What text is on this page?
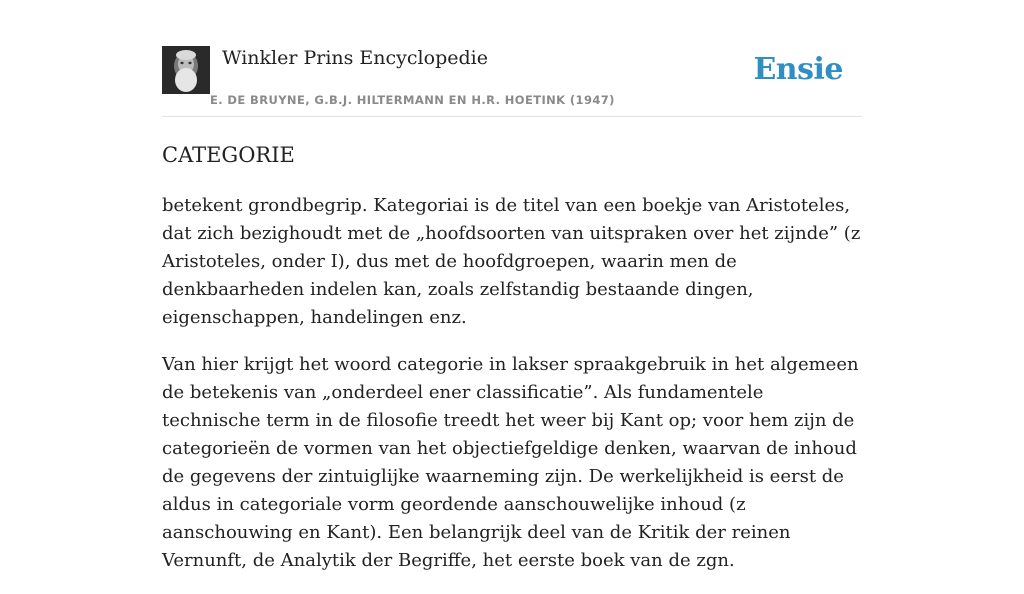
Winkler Prins Encyclopedie
E. DE BRUYNE, G.B.J. HILTERMANN EN H.R. HOETINK (1947)
Ensie
CATEGORIE

betekent grondbegrip. Kategoriai is de titel van een boekje van Aristoteles, dat zich bezighoudt met de „hoofdsoorten van uitspraken over het zijnde” (z Aristoteles, onder I), dus met de hoofdgroepen, waarin men de denkbaarheden indelen kan, zoals zelfstandig bestaande dingen, eigenschappen, handelingen enz.

Van hier krijgt het woord categorie in lakser spraakgebruik in het algemeen de betekenis van „onderdeel ener classificatie”. Als fundamentele technische term in de filosofie treedt het weer bij Kant op; voor hem zijn de categorieën de vormen van het objectiefgeldige denken, waarvan de inhoud de gegevens der zintuiglijke waarneming zijn. De werkelijkheid is eerst de aldus in categoriale vorm geordende aanschouwelijke inhoud (z aanschouwing en Kant). Een belangrijk deel van de Kritik der reinen Vernunft, de Analytik der Begriffe, het eerste boek van de zgn.
